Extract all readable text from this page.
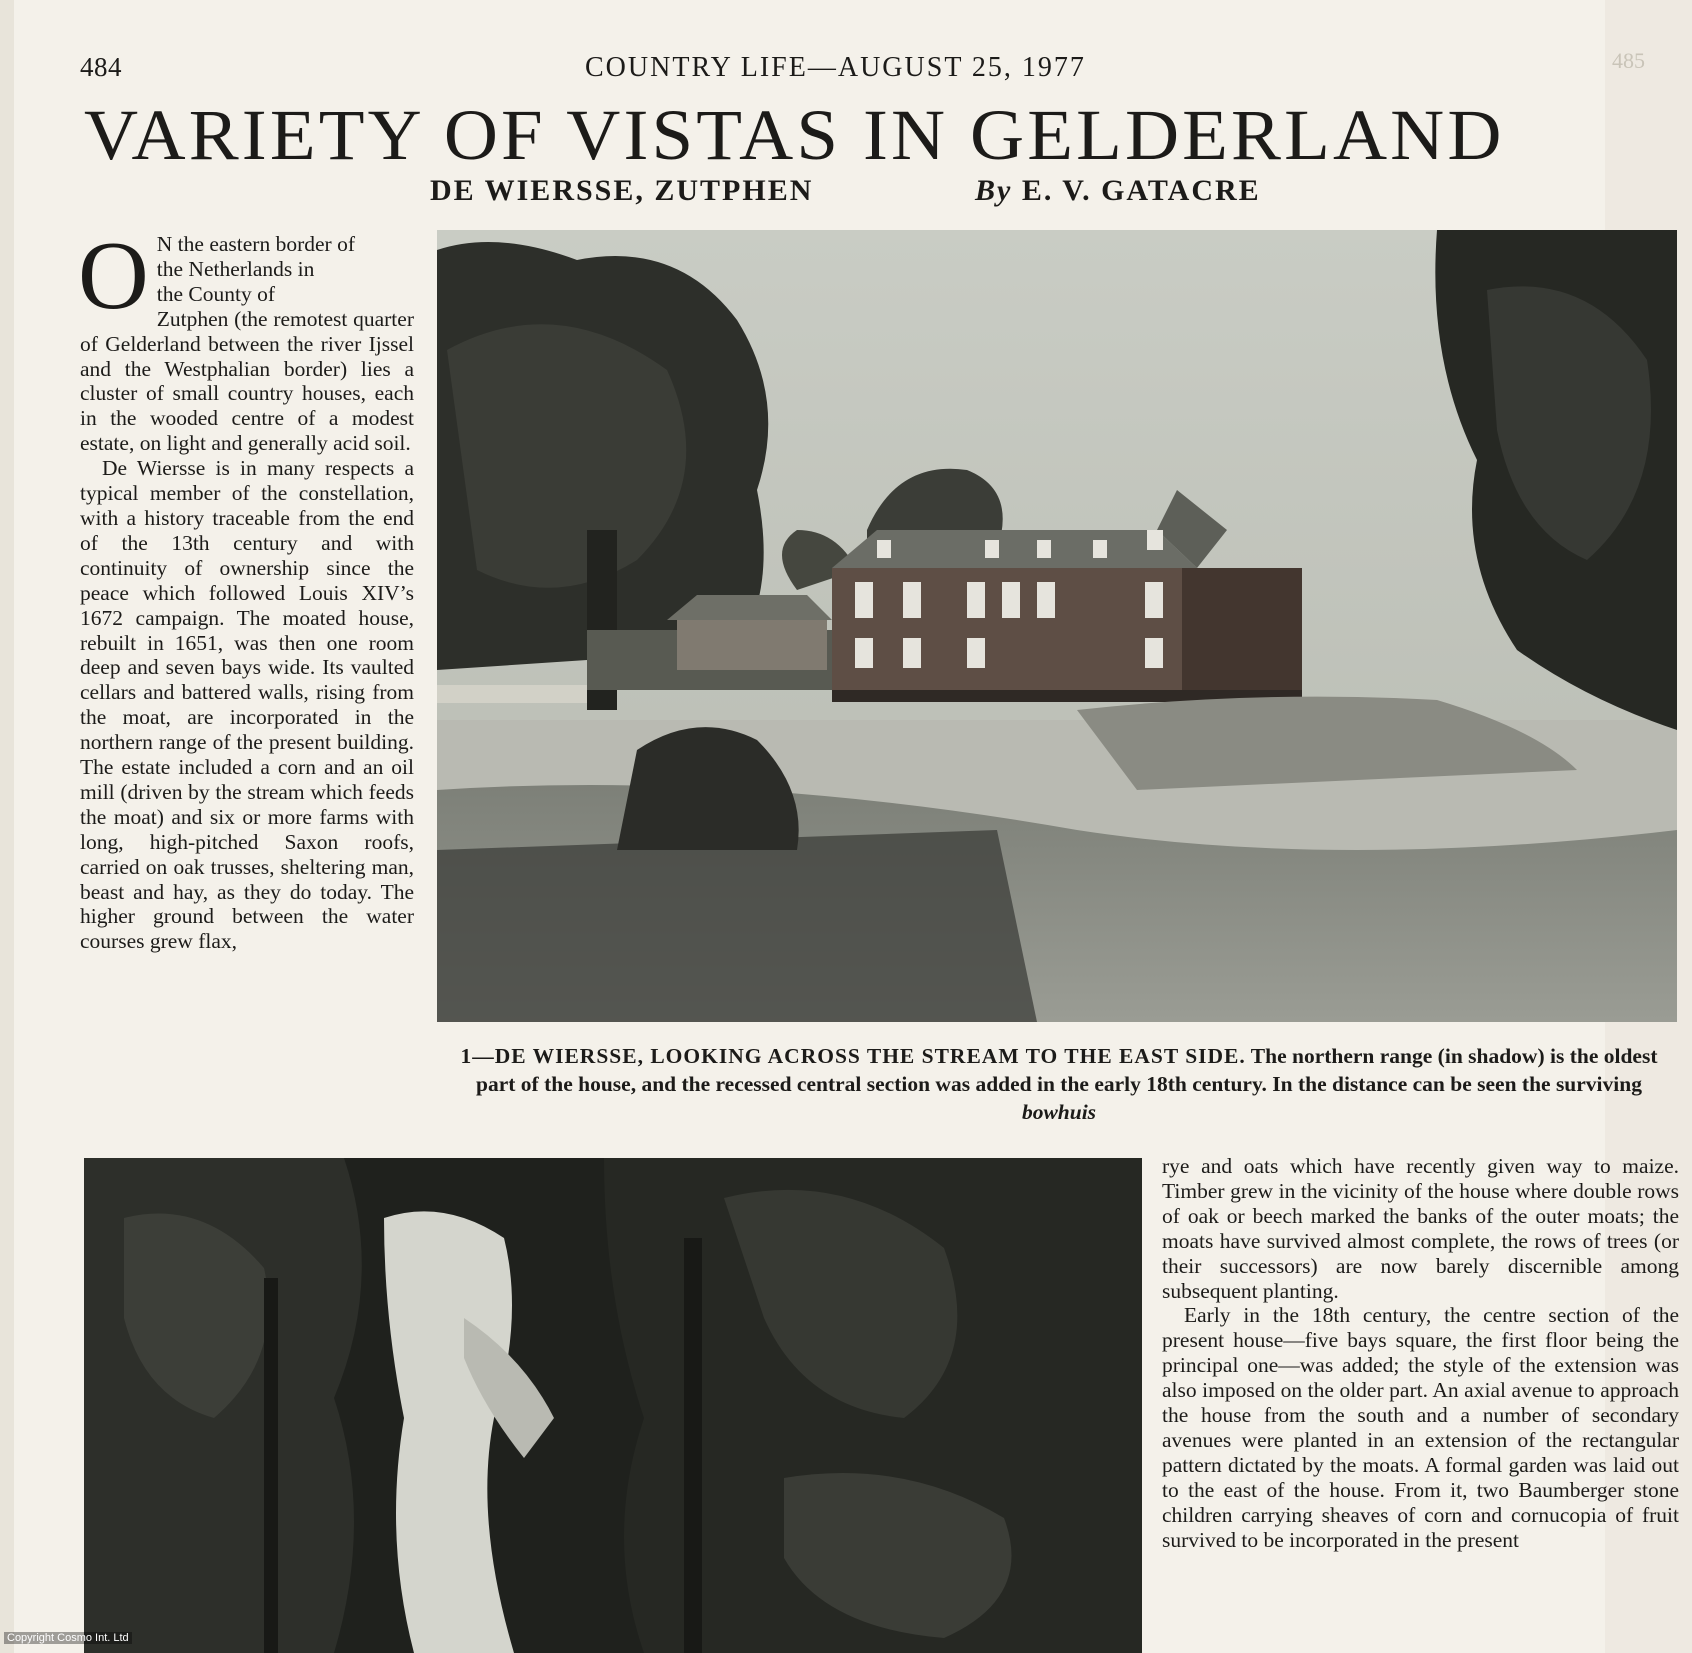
485
484	COUNTRY LIFE—AUGUST 25, 1977
VARIETY OF VISTAS IN GELDERLAND
DE WIERSSE, ZUTPHEN	By E. V. GATACRE
O N the eastern border of

the Netherlands in

the County of

Zutphen (the remotest quarter of Gelderland between the river Ijssel and the Westphalian border) lies a cluster of small country houses, each in the wooded centre of a modest estate, on light and generally acid soil.

De Wiersse is in many respects a typical member of the constellation, with a history traceable from the end of the 13th century and with continuity of ownership since the peace which followed Louis XIV’s 1672 campaign. The moated house, rebuilt in 1651, was then one room deep and seven bays wide. Its vaulted cellars and battered walls, rising from the moat, are incorporated in the northern range of the present building. The estate included a corn and an oil mill (driven by the stream which feeds the moat) and six or more farms with long, high-pitched Saxon roofs, carried on oak trusses, sheltering man, beast and hay, as they do today. The higher ground between the water courses grew flax,

1—DE WIERSSE, LOOKING ACROSS THE STREAM TO THE EAST SIDE. The northern range (in shadow) is the oldest part of the house, and the recessed central section was added in the early 18th century. In the distance can be seen the surviving bowhuis

rye and oats which have recently given way to maize. Timber grew in the vicinity of the house where double rows of oak or beech marked the banks of the outer moats; the moats have survived almost complete, the rows of trees (or their successors) are now barely discernible among subsequent planting.

Early in the 18th century, the centre section of the present house—five bays square, the first floor being the principal one—was added; the style of the extension was also imposed on the older part. An axial avenue to approach the house from the south and a number of secondary avenues were planted in an extension of the rectangular pattern dictated by the moats. A formal garden was laid out to the east of the house. From it, two Baumberger stone children carrying sheaves of corn and cornucopia of fruit survived to be incorporated in the present

Copyright Cosmo Int. Ltd
